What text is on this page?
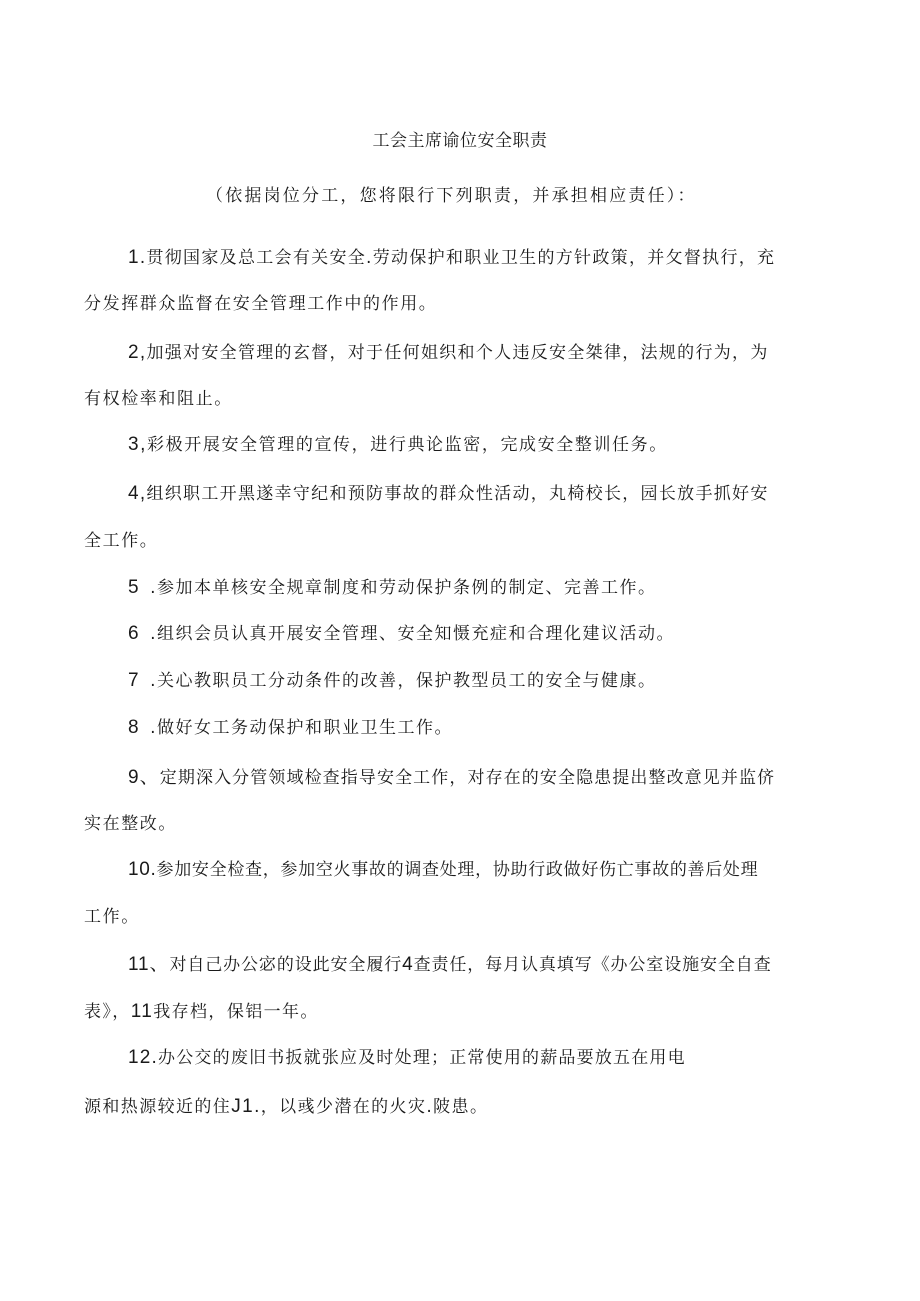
工会主席谕位安全职责
（依据岗位分工，您将限行下列职责，并承担相应责任）：
1.贯彻国家及总工会有关安全.劳动保护和职业卫生的方针政策，并攵督执行，充
分发挥群众监督在安全管理工作中的作用。
2,加强对安全管理的玄督，对于任何姐织和个人违反安全桀律，法规的行为，为
有权检率和阻止。
3,彩极开展安全管理的宣传，进行典论监密，完成安全整训任务。
4,组织职工开黑遂幸守纪和预防事故的群众性活动，丸椅校长，园长放手抓好安
全工作。
5 .参加本单核安全规章制度和劳动保护条例的制定、完善工作。
6 .组织会员认真开展安全管理、安全知慑充症和合理化建议活动。
7 .关心教职员工分动条件的改善，保护教型员工的安全与健康。
8 .做好女工务动保护和职业卫生工作。
9、定期深入分管领域检查指导安全工作，对存在的安全隐患提出整改意见并监侪
实在整改。
10.参加安全检查，参加空火事故的调查处理，协助行政做好伤亡事故的善后处理
工作。
11、对自己办公宓的设此安全履行4查责任，每月认真填写《办公室设施安全自查
表》，11我存档，保铝一年。
12.办公交的废旧书扳就张应及时处理；正常使用的薪品要放五在用电
源和热源较近的住J1.，以彧少潜在的火灾.陂患。
